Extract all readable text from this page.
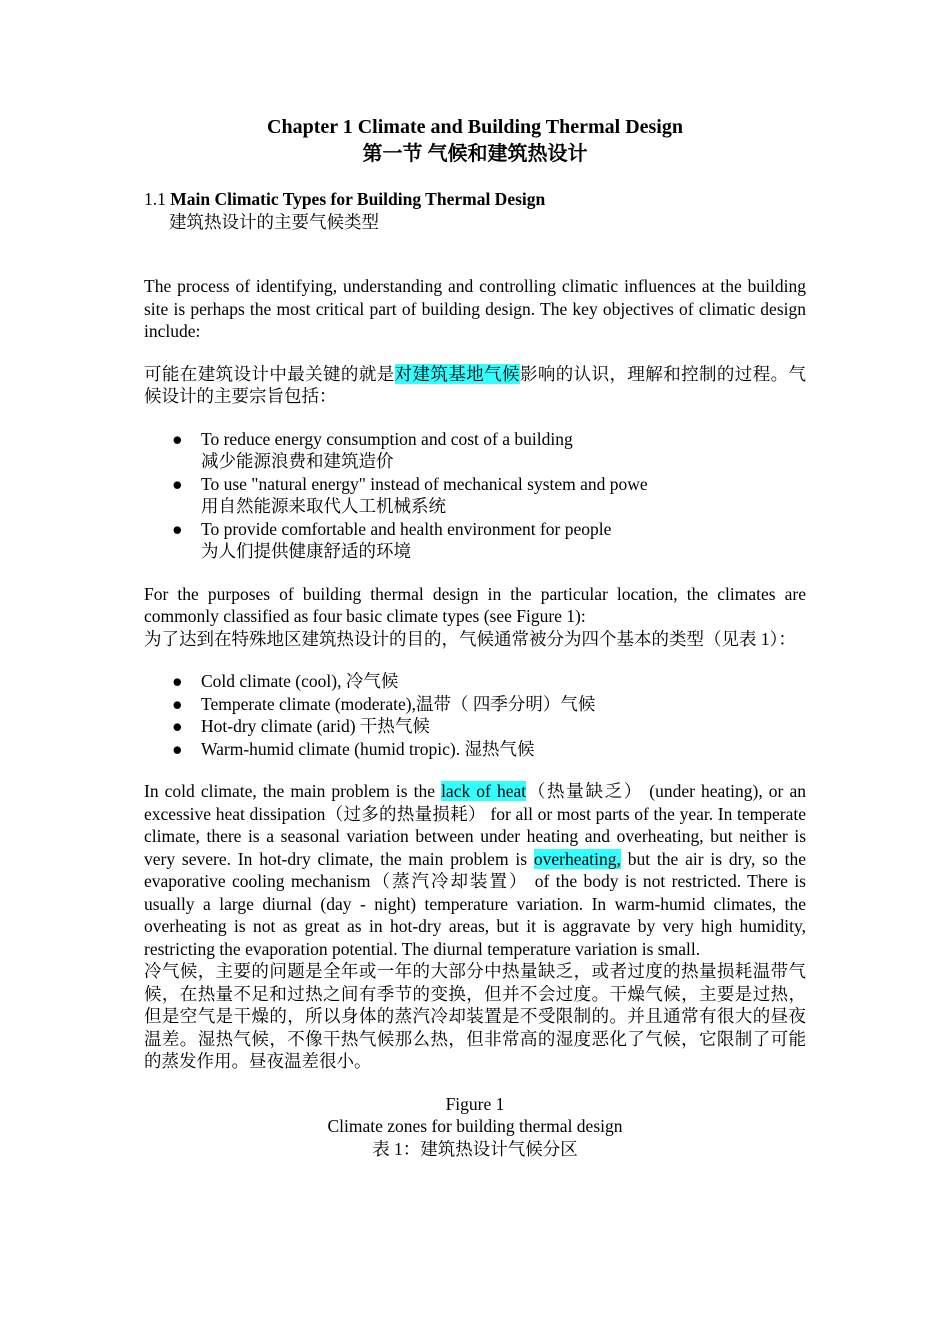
Chapter 1 Climate and Building Thermal Design
第一节 气候和建筑热设计
1.1 Main Climatic Types for Building Thermal Design
建筑热设计的主要气候类型

The process of identifying, understanding and controlling climatic influences at the building site is perhaps the most critical part of building design. The key objectives of climatic design include:

可能在建筑设计中最关键的就是对建筑基地气候影响的认识，理解和控制的过程。气候设计的主要宗旨包括：

● To reduce energy consumption and cost of a building
减少能源浪费和建筑造价
● To use "natural energy" instead of mechanical system and powe
用自然能源来取代人工机械系统
● To provide comfortable and health environment for people
为人们提供健康舒适的环境

For the purposes of building thermal design in the particular location, the climates are commonly classified as four basic climate types (see Figure 1):

为了达到在特殊地区建筑热设计的目的，气候通常被分为四个基本的类型（见表 1）：

● Cold climate (cool), 冷气候
● Temperate climate (moderate),温带（ 四季分明）气候
● Hot-dry climate (arid) 干热气候
● Warm-humid climate (humid tropic). 湿热气候

In cold climate, the main problem is the lack of heat（热量缺乏） (under heating), or an excessive heat dissipation（过多的热量损耗） for all or most parts of the year. In temperate climate, there is a seasonal variation between under heating and overheating, but neither is very severe. In hot-dry climate, the main problem is overheating, but the air is dry, so the evaporative cooling mechanism（蒸汽冷却装置） of the body is not restricted. There is usually a large diurnal (day - night) temperature variation. In warm-humid climates, the overheating is not as great as in hot-dry areas, but it is aggravate by very high humidity, restricting the evaporation potential. The diurnal temperature variation is small.

冷气候，主要的问题是全年或一年的大部分中热量缺乏，或者过度的热量损耗温带气候，在热量不足和过热之间有季节的变换，但并不会过度。干燥气候，主要是过热，但是空气是干燥的，所以身体的蒸汽冷却装置是不受限制的。并且通常有很大的昼夜温差。湿热气候，不像干热气候那么热，但非常高的湿度恶化了气候，它限制了可能的蒸发作用。昼夜温差很小。

Figure 1
Climate zones for building thermal design
表 1：建筑热设计气候分区
